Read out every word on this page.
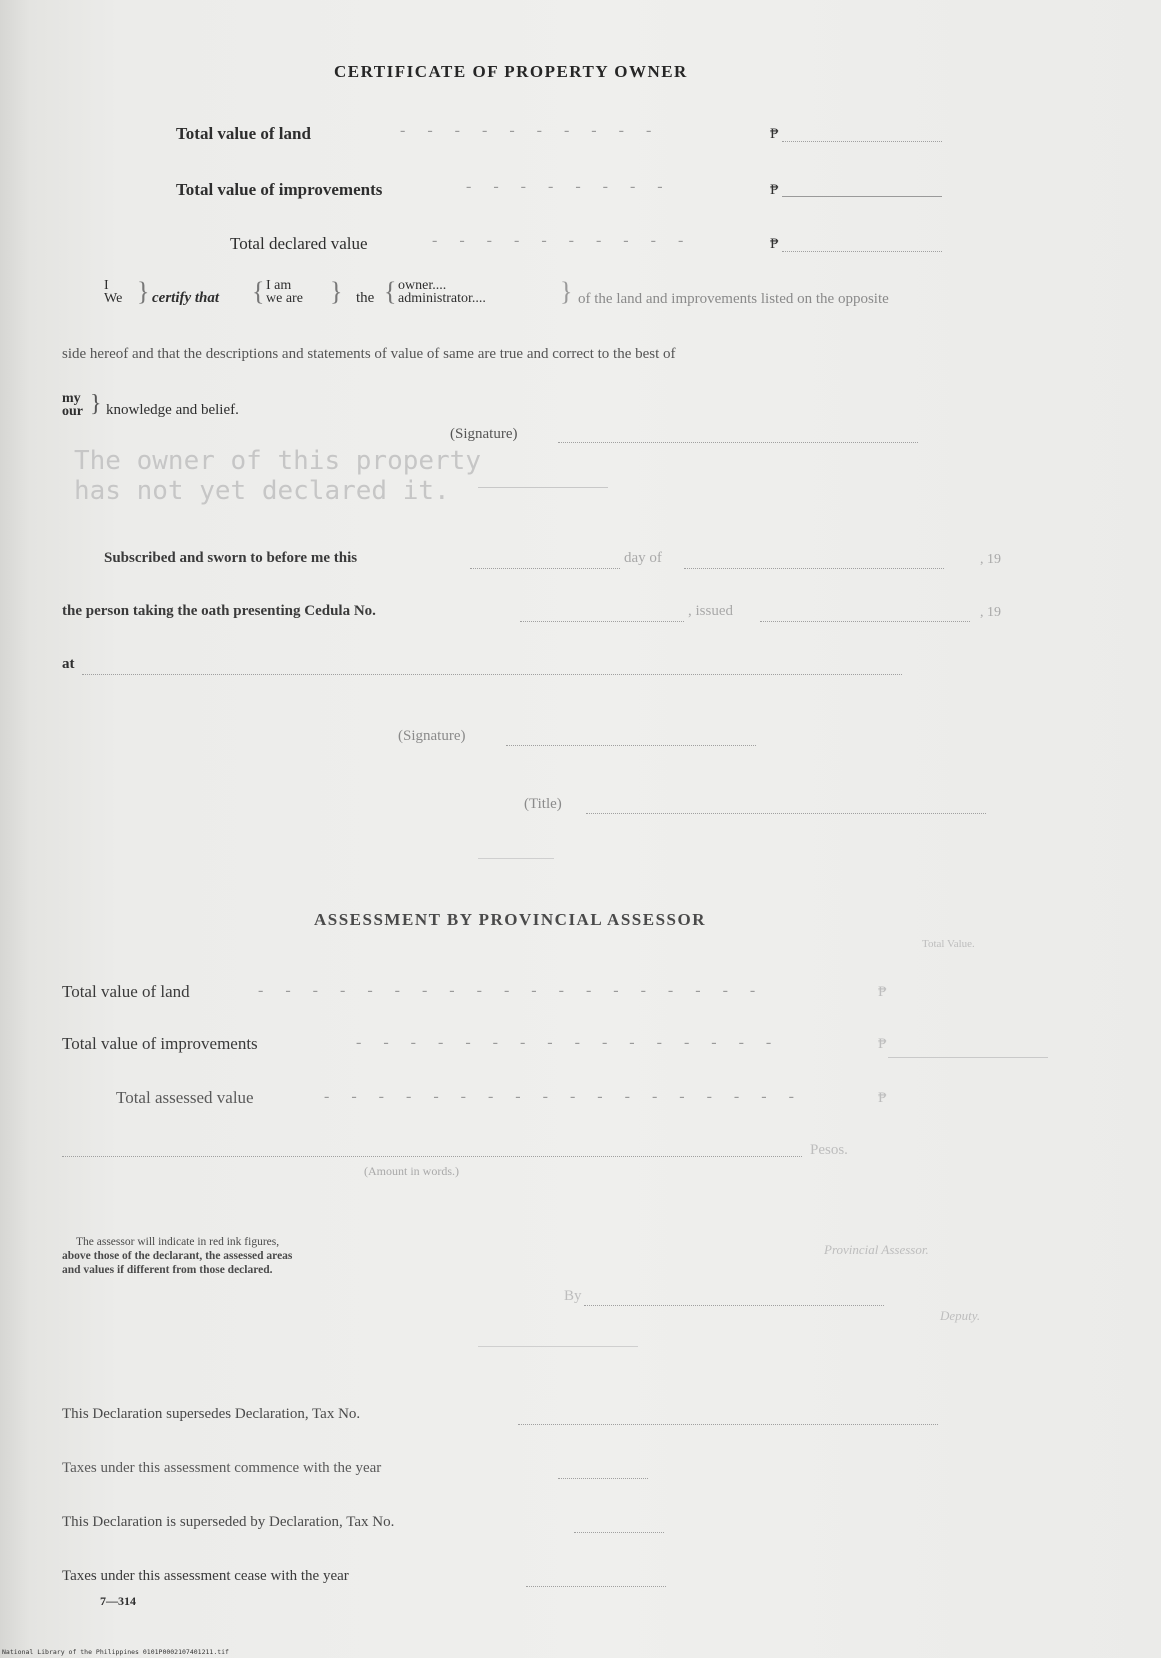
CERTIFICATE OF PROPERTY OWNER
Total value of land	- - - - - - - - - -	₱
Total value of improvements	- - - - - - - -	₱
Total declared value	- - - - - - - - - -	₱
I
We } certify that { I am
we are } the { owner....
administrator....	} of the land and improvements listed on the opposite
side hereof and that the descriptions and statements of value of same are true and correct to the best of
my
our } knowledge and belief.
(Signature)
The owner of this property
has not yet declared it.
Subscribed and sworn to before me this	day of	, 19
the person taking the oath presenting Cedula No.	, issued	, 19
at
(Signature)
(Title)
ASSESSMENT BY PROVINCIAL ASSESSOR
Total Value.
Total value of land	- - - - - - - - - - - - - - - - - - -	₱
Total value of improvements	- - - - - - - - - - - - - - - -	₱
Total assessed value	- - - - - - - - - - - - - - - - - -	₱
Pesos.
(Amount in words.)
The assessor will indicate in red ink figures,
above those of the declarant, the assessed areas
and values if different from those declared.
Provincial Assessor.
By
Deputy.
This Declaration supersedes Declaration, Tax No.
Taxes under this assessment commence with the year
This Declaration is superseded by Declaration, Tax No.
Taxes under this assessment cease with the year
7—314
National Library of the Philippines 0101P0002107401211.tif
